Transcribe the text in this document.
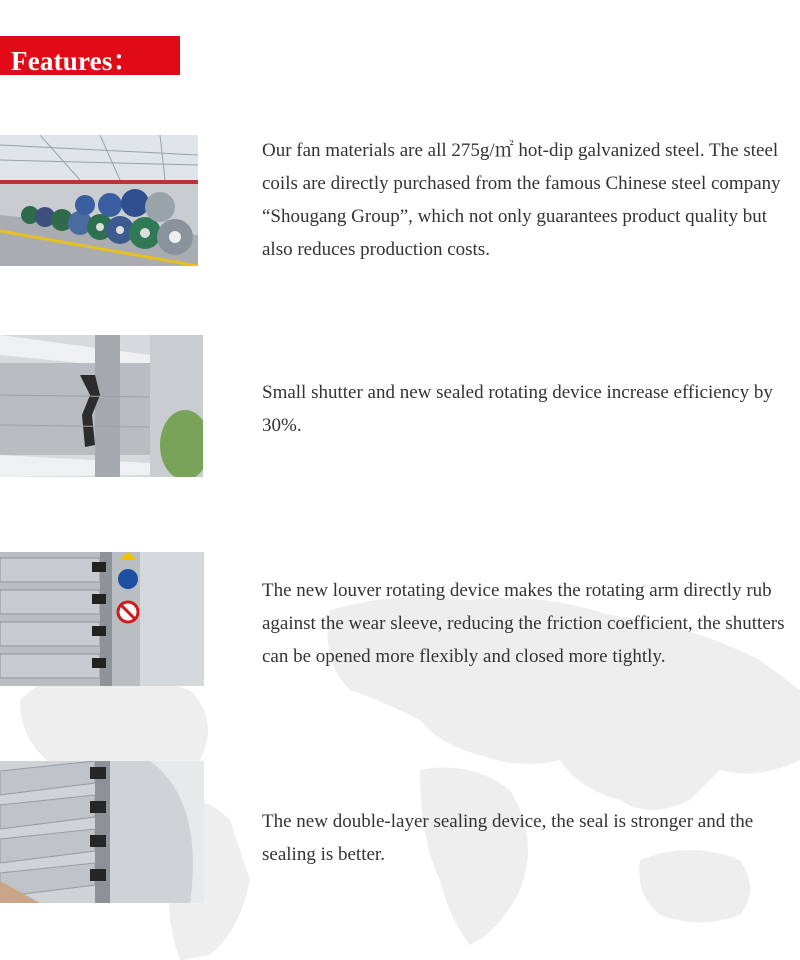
Features：
Our fan materials are all 275g/㎡ hot-dip galvanized steel. The steel coils are directly purchased from the famous Chinese steel company “Shougang Group”, which not only guarantees product quality but also reduces production costs.
Small shutter and new sealed rotating device increase efficiency by 30%.
The new louver rotating device makes the rotating arm directly rub against the wear sleeve, reducing the friction coefficient, the shutters can be opened more flexibly and closed more tightly.
The new double-layer sealing device, the seal is stronger and the sealing is better.
